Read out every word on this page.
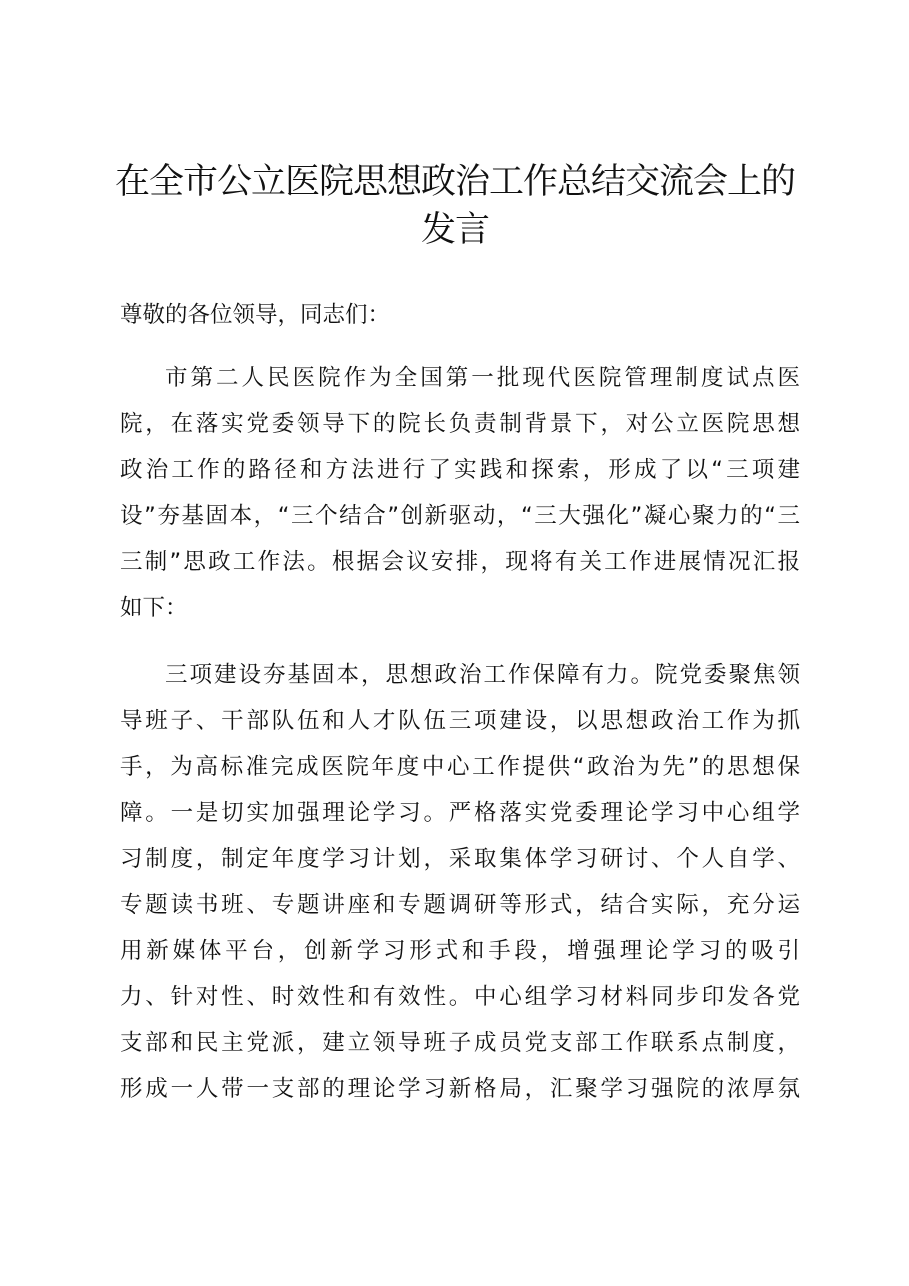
在全市公立医院思想政治工作总结交流会上的
发言

尊敬的各位领导，同志们：

市第二人民医院作为全国第一批现代医院管理制度试点医
院，在落实党委领导下的院长负责制背景下，对公立医院思想
政治工作的路径和方法进行了实践和探索，形成了以“三项建
设”夯基固本，“三个结合”创新驱动，“三大强化”凝心聚力的“三
三制”思政工作法。根据会议安排，现将有关工作进展情况汇报
如下：
三项建设夯基固本，思想政治工作保障有力。院党委聚焦领
导班子、干部队伍和人才队伍三项建设，以思想政治工作为抓
手，为高标准完成医院年度中心工作提供“政治为先”的思想保
障。一是切实加强理论学习。严格落实党委理论学习中心组学
习制度，制定年度学习计划，采取集体学习研讨、个人自学、
专题读书班、专题讲座和专题调研等形式，结合实际，充分运
用新媒体平台，创新学习形式和手段，增强理论学习的吸引
力、针对性、时效性和有效性。中心组学习材料同步印发各党
支部和民主党派，建立领导班子成员党支部工作联系点制度，
形成一人带一支部的理论学习新格局，汇聚学习强院的浓厚氛
